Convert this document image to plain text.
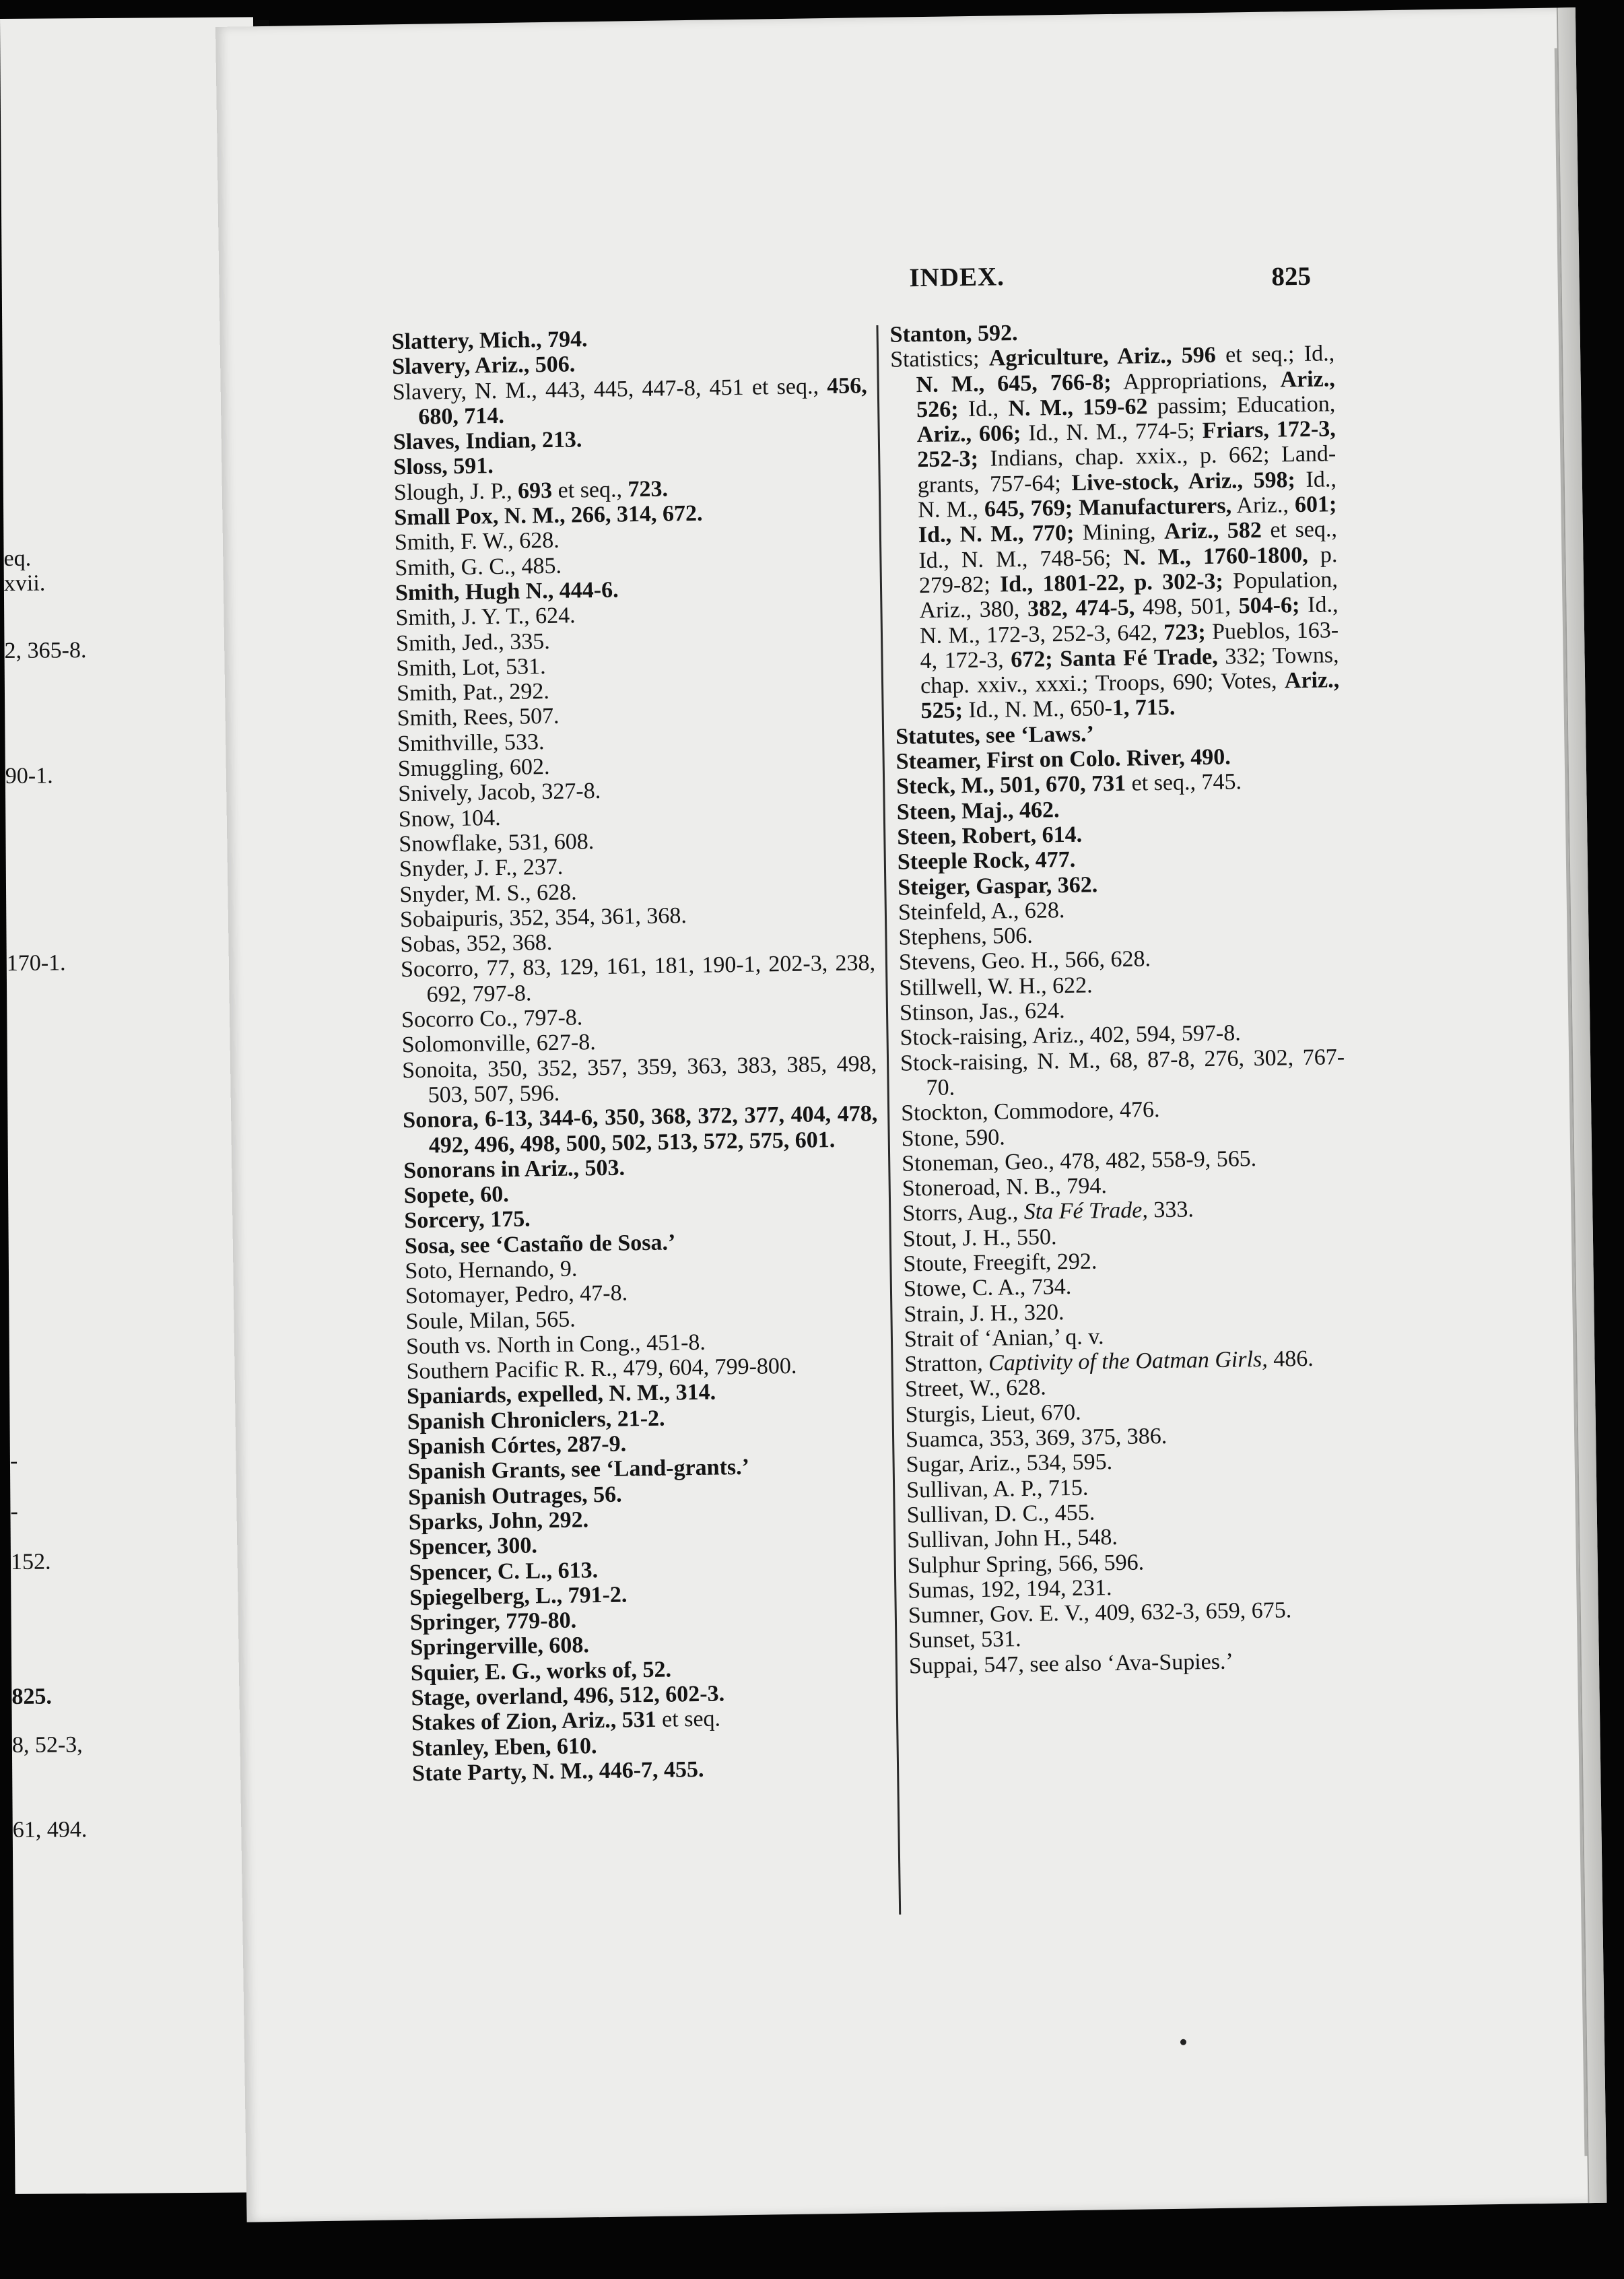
eq.
xvii.
2, 365-8.
90-1.
170-1.
-
-
152.
825.
8, 52-3,
61, 494.
INDEX.	825
Slattery, Mich., 794.
Slavery, Ariz., 506.
Slavery, N. M., 443, 445, 447-8, 451 et seq., 456, 680, 714.
Slaves, Indian, 213.
Sloss, 591.
Slough, J. P., 693 et seq., 723.
Small Pox, N. M., 266, 314, 672.
Smith, F. W., 628.
Smith, G. C., 485.
Smith, Hugh N., 444-6.
Smith, J. Y. T., 624.
Smith, Jed., 335.
Smith, Lot, 531.
Smith, Pat., 292.
Smith, Rees, 507.
Smithville, 533.
Smuggling, 602.
Snively, Jacob, 327-8.
Snow, 104.
Snowflake, 531, 608.
Snyder, J. F., 237.
Snyder, M. S., 628.
Sobaipuris, 352, 354, 361, 368.
Sobas, 352, 368.
Socorro, 77, 83, 129, 161, 181, 190-1, 202-3, 238, 692, 797-8.
Socorro Co., 797-8.
Solomonville, 627-8.
Sonoita, 350, 352, 357, 359, 363, 383, 385, 498, 503, 507, 596.
Sonora, 6-13, 344-6, 350, 368, 372, 377, 404, 478, 492, 496, 498, 500, 502, 513, 572, 575, 601.
Sonorans in Ariz., 503.
Sopete, 60.
Sorcery, 175.
Sosa, see ‘Castaño de Sosa.’
Soto, Hernando, 9.
Sotomayer, Pedro, 47-8.
Soule, Milan, 565.
South vs. North in Cong., 451-8.
Southern Pacific R. R., 479, 604, 799-800.
Spaniards, expelled, N. M., 314.
Spanish Chroniclers, 21-2.
Spanish Córtes, 287-9.
Spanish Grants, see ‘Land-grants.’
Spanish Outrages, 56.
Sparks, John, 292.
Spencer, 300.
Spencer, C. L., 613.
Spiegelberg, L., 791-2.
Springer, 779-80.
Springerville, 608.
Squier, E. G., works of, 52.
Stage, overland, 496, 512, 602-3.
Stakes of Zion, Ariz., 531 et seq.
Stanley, Eben, 610.
State Party, N. M., 446-7, 455.
Stanton, 592.
Statistics; Agriculture, Ariz., 596 et seq.; Id., N. M., 645, 766-8; Appropriations, Ariz., 526; Id., N. M., 159-62 passim; Education, Ariz., 606; Id., N. M., 774-5; Friars, 172-3, 252-3; Indians, chap. xxix., p. 662; Land-grants, 757-64; Live-stock, Ariz., 598; Id., N. M., 645, 769; Manufacturers, Ariz., 601; Id., N. M., 770; Mining, Ariz., 582 et seq., Id., N. M., 748-56; N. M., 1760-1800, p. 279-82; Id., 1801-22, p. 302-3; Population, Ariz., 380, 382, 474-5, 498, 501, 504-6; Id., N. M., 172-3, 252-3, 642, 723; Pueblos, 163-4, 172-3, 672; Santa Fé Trade, 332; Towns, chap. xxiv., xxxi.; Troops, 690; Votes, Ariz., 525; Id., N. M., 650-1, 715.
Statutes, see ‘Laws.’
Steamer, First on Colo. River, 490.
Steck, M., 501, 670, 731 et seq., 745.
Steen, Maj., 462.
Steen, Robert, 614.
Steeple Rock, 477.
Steiger, Gaspar, 362.
Steinfeld, A., 628.
Stephens, 506.
Stevens, Geo. H., 566, 628.
Stillwell, W. H., 622.
Stinson, Jas., 624.
Stock-raising, Ariz., 402, 594, 597-8.
Stock-raising, N. M., 68, 87-8, 276, 302, 767-70.
Stockton, Commodore, 476.
Stone, 590.
Stoneman, Geo., 478, 482, 558-9, 565.
Stoneroad, N. B., 794.
Storrs, Aug., Sta Fé Trade, 333.
Stout, J. H., 550.
Stoute, Freegift, 292.
Stowe, C. A., 734.
Strain, J. H., 320.
Strait of ‘Anian,’ q. v.
Stratton, Captivity of the Oatman Girls, 486.
Street, W., 628.
Sturgis, Lieut, 670.
Suamca, 353, 369, 375, 386.
Sugar, Ariz., 534, 595.
Sullivan, A. P., 715.
Sullivan, D. C., 455.
Sullivan, John H., 548.
Sulphur Spring, 566, 596.
Sumas, 192, 194, 231.
Sumner, Gov. E. V., 409, 632-3, 659, 675.
Sunset, 531.
Suppai, 547, see also ‘Ava-Supies.’
